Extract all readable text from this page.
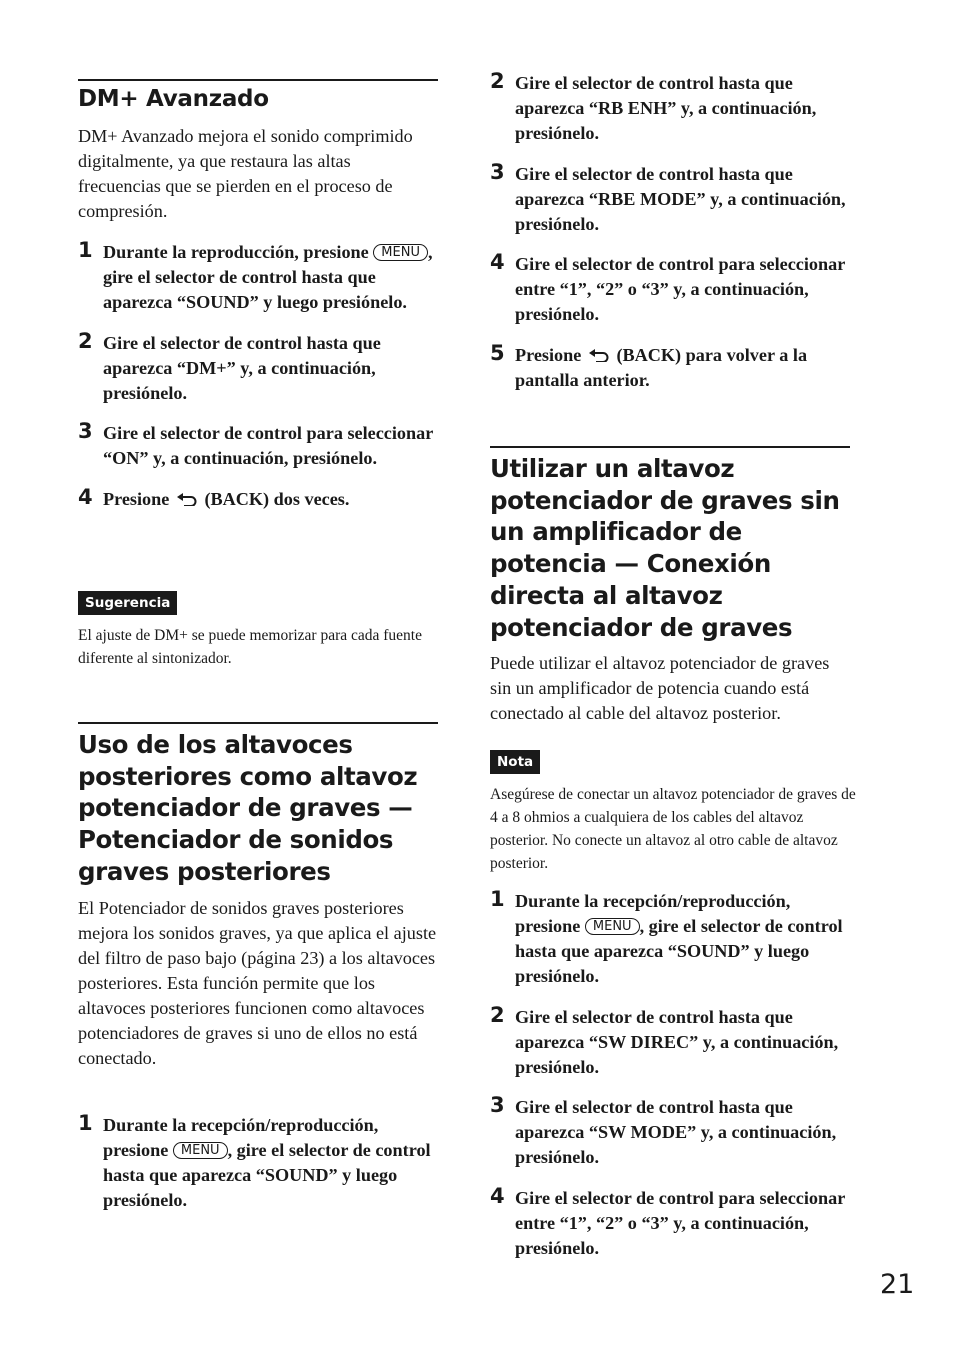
DM+ Avanzado

DM+ Avanzado mejora el sonido comprimido digitalmente, ya que restaura las altas frecuencias que se pierden en el proceso de compresión.

1 Durante la reproducción, presione MENU , gire el selector de control hasta que aparezca “SOUND” y luego presiónelo.
2 Gire el selector de control hasta que aparezca “DM+” y, a continuación, presiónelo.
3 Gire el selector de control para seleccionar “ON” y, a continuación, presiónelo.
4 Presione (BACK) dos veces.
Sugerencia

El ajuste de DM+ se puede memorizar para cada fuente diferente al sintonizador.

Uso de los altavoces posteriores como altavoz potenciador de graves — Potenciador de sonidos graves posteriores

El Potenciador de sonidos graves posteriores mejora los sonidos graves, ya que aplica el ajuste del filtro de paso bajo (página 23) a los altavoces posteriores. Esta función permite que los altavoces posteriores funcionen como altavoces potenciadores de graves si uno de ellos no está conectado.

1 Durante la recepción/reproducción, presione MENU , gire el selector de control hasta que aparezca “SOUND” y luego presiónelo.
2 Gire el selector de control hasta que aparezca “RB ENH” y, a continuación, presiónelo.
3 Gire el selector de control hasta que aparezca “RBE MODE” y, a continuación, presiónelo.
4 Gire el selector de control para seleccionar entre “1”, “2” o “3” y, a continuación, presiónelo.
5 Presione (BACK) para volver a la pantalla anterior.
Utilizar un altavoz potenciador de graves sin un amplificador de potencia — Conexión directa al altavoz potenciador de graves

Puede utilizar el altavoz potenciador de graves sin un amplificador de potencia cuando está conectado al cable del altavoz posterior.

Nota

Asegúrese de conectar un altavoz potenciador de graves de 4 a 8 ohmios a cualquiera de los cables del altavoz posterior. No conecte un altavoz al otro cable de altavoz posterior.

1 Durante la recepción/reproducción, presione MENU , gire el selector de control hasta que aparezca “SOUND” y luego presiónelo.
2 Gire el selector de control hasta que aparezca “SW DIREC” y, a continuación, presiónelo.
3 Gire el selector de control hasta que aparezca “SW MODE” y, a continuación, presiónelo.
4 Gire el selector de control para seleccionar entre “1”, “2” o “3” y, a continuación, presiónelo.
21
